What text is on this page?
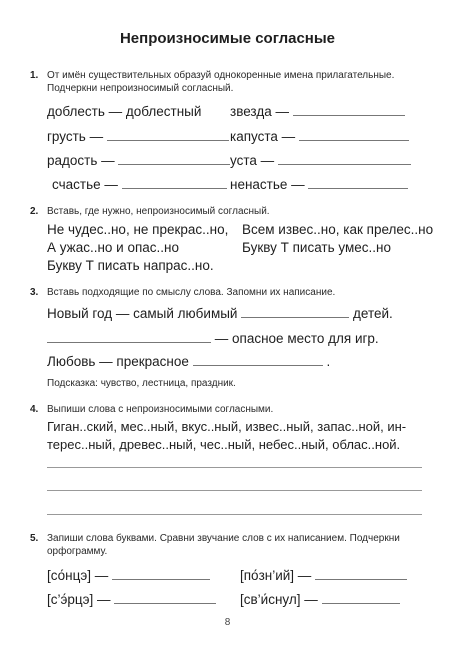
Непроизносимые согласные
1. От имён существительных образуй однокоренные имена прилагательные. Подчеркни непроизносимый согласный.
доблесть — доблестный
грусть —
радость —
счастье —
звезда —
капуста —
уста —
ненастье —
2. Вставь, где нужно, непроизносимый согласный.
Не чудес..но, не прекрас..но,
А ужас..но и опас..но
Букву Т писать напрас..но.
Всем извес..но, как прелес..но
Букву Т писать умес..но
3. Вставь подходящие по смыслу слова. Запомни их написание.
Новый год — самый любимый	детей.
— опасное место для игр.
Любовь — прекрасное	.
Подсказка: чувство, лестница, праздник.
4. Выпиши слова с непроизносимыми согласными.
Гиган..ский, мес..ный, вкус..ный, извес..ный, запас..ной, ин-
терес..ный, древес..ный, чес..ный, небес..ный, облас..ной.
5. Запиши слова буквами. Сравни звучание слов с их написанием. Подчеркни орфограмму.
[со́нцэ] —
[с’э́рцэ] —
[по́зн’ий] —
[св’и́снул] —
8
